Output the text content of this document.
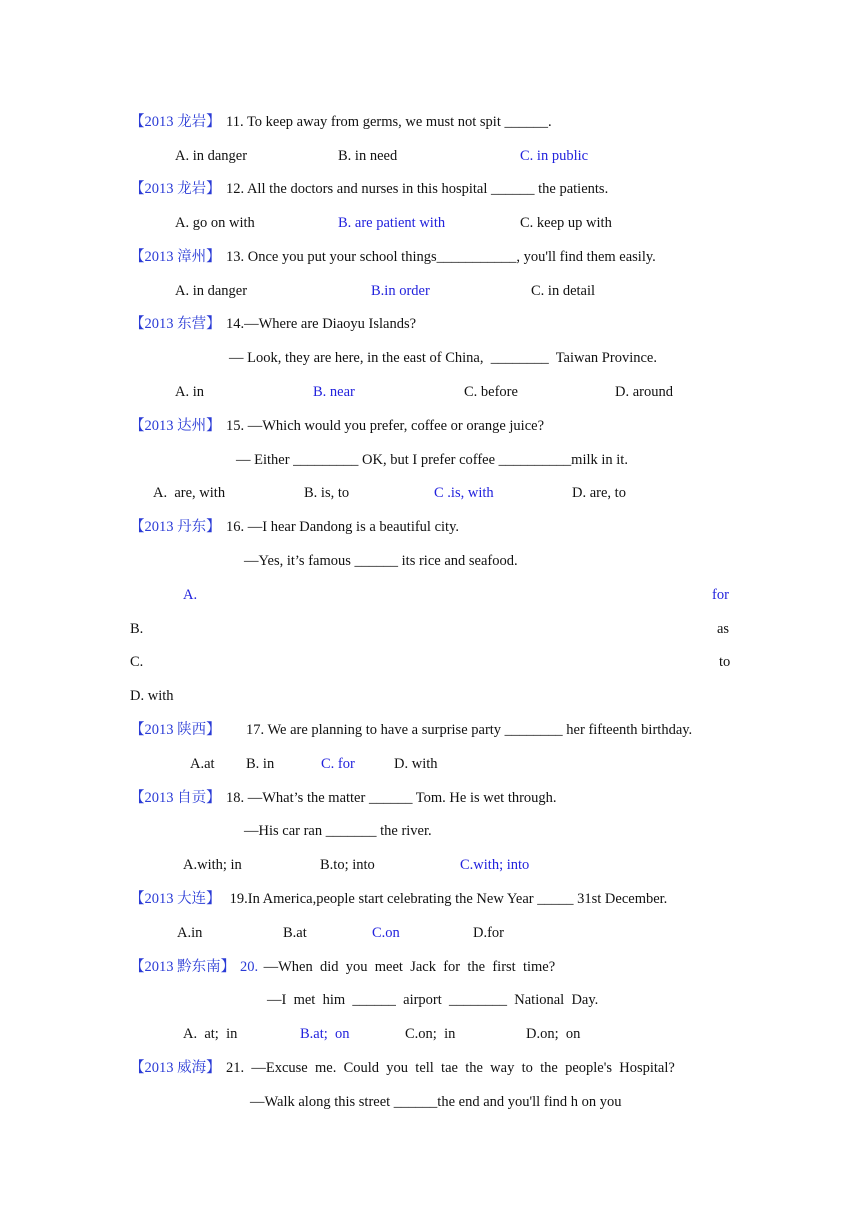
【2013 龙岩】

11. To keep away from germs, we must not spit ______.

A. in danger

	B. in need

	C. in public

【2013 龙岩】

12. All the doctors and nurses in this hospital ______ the patients.

A. go on with

	B. are patient with

	C. keep up with

【2013 漳州】

13. Once you put your school things___________, you'll find them easily.

A. in danger

	B.in order

	C. in detail

【2013 东营】

14.—Where are Diaoyu Islands?

— Look, they are here, in the east of China,  ________  Taiwan Province.

A. in

	B. near

	C. before

	D. around

【2013 达州】

15. —Which would you prefer, coffee or orange juice?

— Either _________ OK, but I prefer coffee __________milk in it.

A.  are, with

	B. is, to

	C .is, with

	D. are, to

【2013 丹东】

16. —I hear Dandong is a beautiful city.

—Yes, it’s famous ______ its rice and seafood.

A.

	for

B.

	as

C.

	to

D. with

【2013 陕西】

17. We are planning to have a surprise party ________ her fifteenth birthday.

A.at

B. in

	C. for

	D. with

【2013 自贡】

18. —What’s the matter ______ Tom. He is wet through.

—His car ran _______ the river.

A.with; in

	B.to; into

	C.with; into

【2013 大连】

19.In America,people start celebrating the New Year _____ 31st December.

A.in

	B.at

	C.on

	D.for

【2013 黔东南】

20.

—When  did  you  meet  Jack  for  the  first  time?

—I  met  him  ______  airport  ________  National  Day.

A.  at;  in

	B.at;  on

	C.on;  in

	D.on;  on

【2013 威海】

21.  —Excuse  me.  Could  you  tell  tae  the  way  to  the  people's  Hospital?

—Walk along this street ______the end and you'll find h on you
